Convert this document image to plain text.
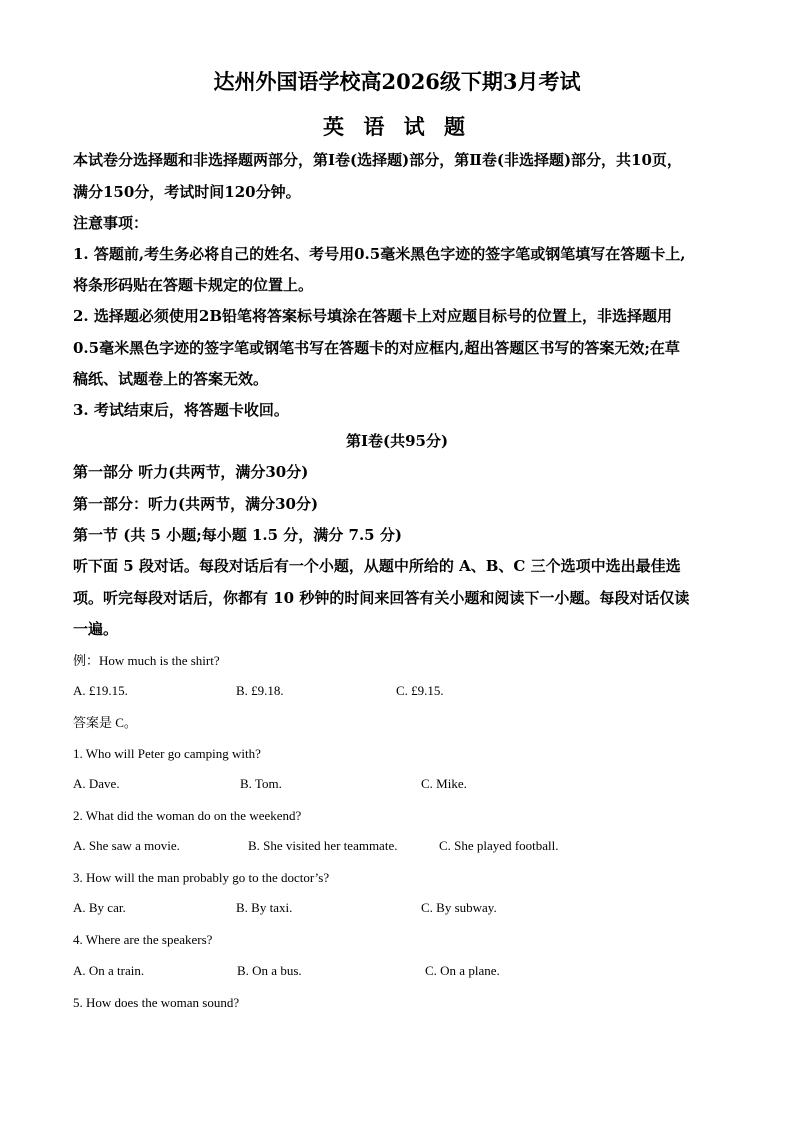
达州外国语学校高2026级下期3月考试
英 语 试 题
本试卷分选择题和非选择题两部分，第Ⅰ卷(选择题)部分，第Ⅱ卷(非选择题)部分，共10页，
满分150分，考试时间120分钟。
注意事项：
1. 答题前,考生务必将自己的姓名、考号用0.5毫米黑色字迹的签字笔或钢笔填写在答题卡上,
将条形码贴在答题卡规定的位置上。
2. 选择题必须使用2B铅笔将答案标号填涂在答题卡上对应题目标号的位置上，非选择题用
0.5毫米黑色字迹的签字笔或钢笔书写在答题卡的对应框内,超出答题区书写的答案无效;在草
稿纸、试题卷上的答案无效。
3. 考试结束后，将答题卡收回。
第Ⅰ卷(共95分)
第一部分 听力(共两节，满分30分)
第一部分：听力(共两节，满分30分)
第一节 (共 5 小题;每小题 1.5 分，满分 7.5 分)
听下面 5 段对话。每段对话后有一个小题，从题中所给的 A、B、C 三个选项中选出最佳选
项。听完每段对话后，你都有 10 秒钟的时间来回答有关小题和阅读下一小题。每段对话仅读
一遍。
例：How much is the shirt?
A. £19.15.	B. £9.18.	C. £9.15.
答案是 C。
1. Who will Peter go camping with?
A. Dave.	B. Tom.	C. Mike.
2. What did the woman do on the weekend?
A. She saw a movie.	B. She visited her teammate.	C. She played football.
3. How will the man probably go to the doctor’s?
A. By car.	B. By taxi.	C. By subway.
4. Where are the speakers?
A. On a train.	B. On a bus.	C. On a plane.
5. How does the woman sound?
